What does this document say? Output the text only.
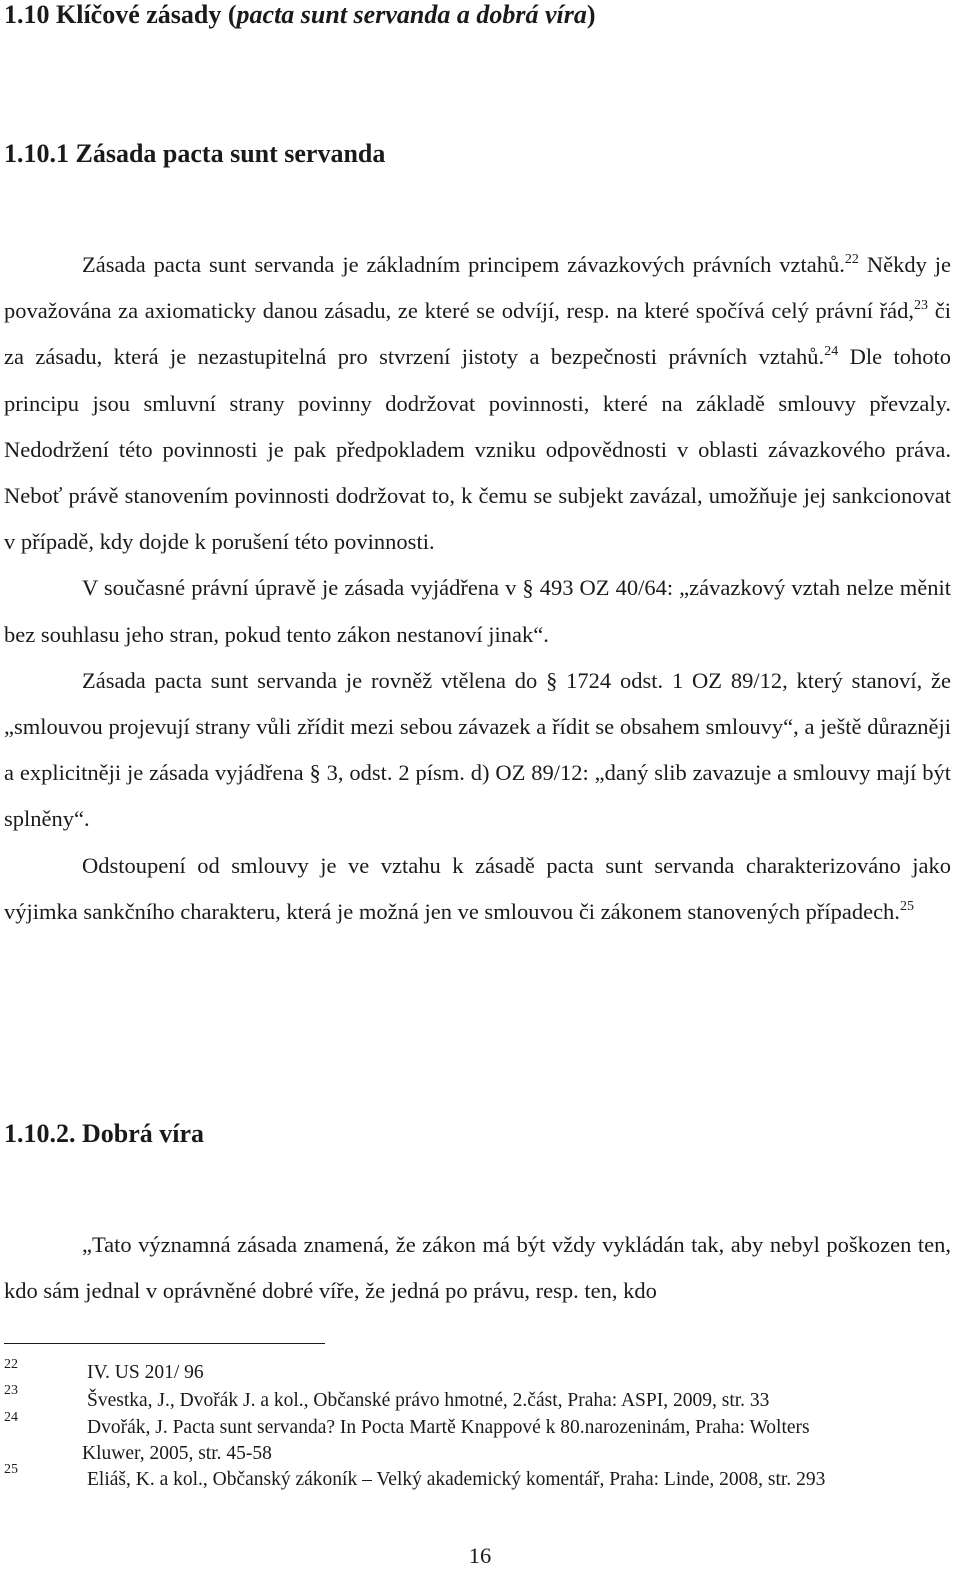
1.10 Klíčové zásady (pacta sunt servanda a dobrá víra)
1.10.1 Zásada pacta sunt servanda

Zásada pacta sunt servanda je základním principem závazkových právních vztahů.$^{22}$ Někdy je považována za axiomaticky danou zásadu, ze které se odvíjí, resp. na které spočívá celý právní řád,$^{23}$ či za zásadu, která je nezastupitelná pro stvrzení jistoty a bezpečnosti právních vztahů.$^{24}$ Dle tohoto principu jsou smluvní strany povinny dodržovat povinnosti, které na základě smlouvy převzaly. Nedodržení této povinnosti je pak předpokladem vzniku odpovědnosti v oblasti závazkového práva. Neboť právě stanovením povinnosti dodržovat to, k čemu se subjekt zavázal, umožňuje jej sankcionovat v případě, kdy dojde k porušení této povinnosti.

V současné právní úpravě je zásada vyjádřena v § 493 OZ 40/64: „závazkový vztah nelze měnit bez souhlasu jeho stran, pokud tento zákon nestanoví jinak“.

Zásada pacta sunt servanda je rovněž vtělena do § 1724 odst. 1 OZ 89/12, který stanoví, že „smlouvou projevují strany vůli zřídit mezi sebou závazek a řídit se obsahem smlouvy“, a ještě důrazněji a explicitněji je zásada vyjádřena § 3, odst. 2 písm. d) OZ 89/12: „daný slib zavazuje a smlouvy mají být splněny“.

Odstoupení od smlouvy je ve vztahu k zásadě pacta sunt servanda charakterizováno jako výjimka sankčního charakteru, která je možná jen ve smlouvou či zákonem stanovených případech.$^{25}$

1.10.2. Dobrá víra

„Tato významná zásada znamená, že zákon má být vždy vykládán tak, aby nebyl poškozen ten, kdo sám jednal v oprávněné dobré víře, že jedná po právu, resp. ten, kdo

22	IV. US 201/ 96
23	Švestka, J., Dvořák J. a kol., Občanské právo hmotné, 2.část, Praha: ASPI, 2009, str. 33
24	Dvořák, J. Pacta sunt servanda? In Pocta Martě Knappové k 80.narozeninám, Praha: Wolters
Kluwer, 2005, str. 45-58
25	Eliáš, K. a kol., Občanský zákoník – Velký akademický komentář, Praha: Linde, 2008, str. 293
16
